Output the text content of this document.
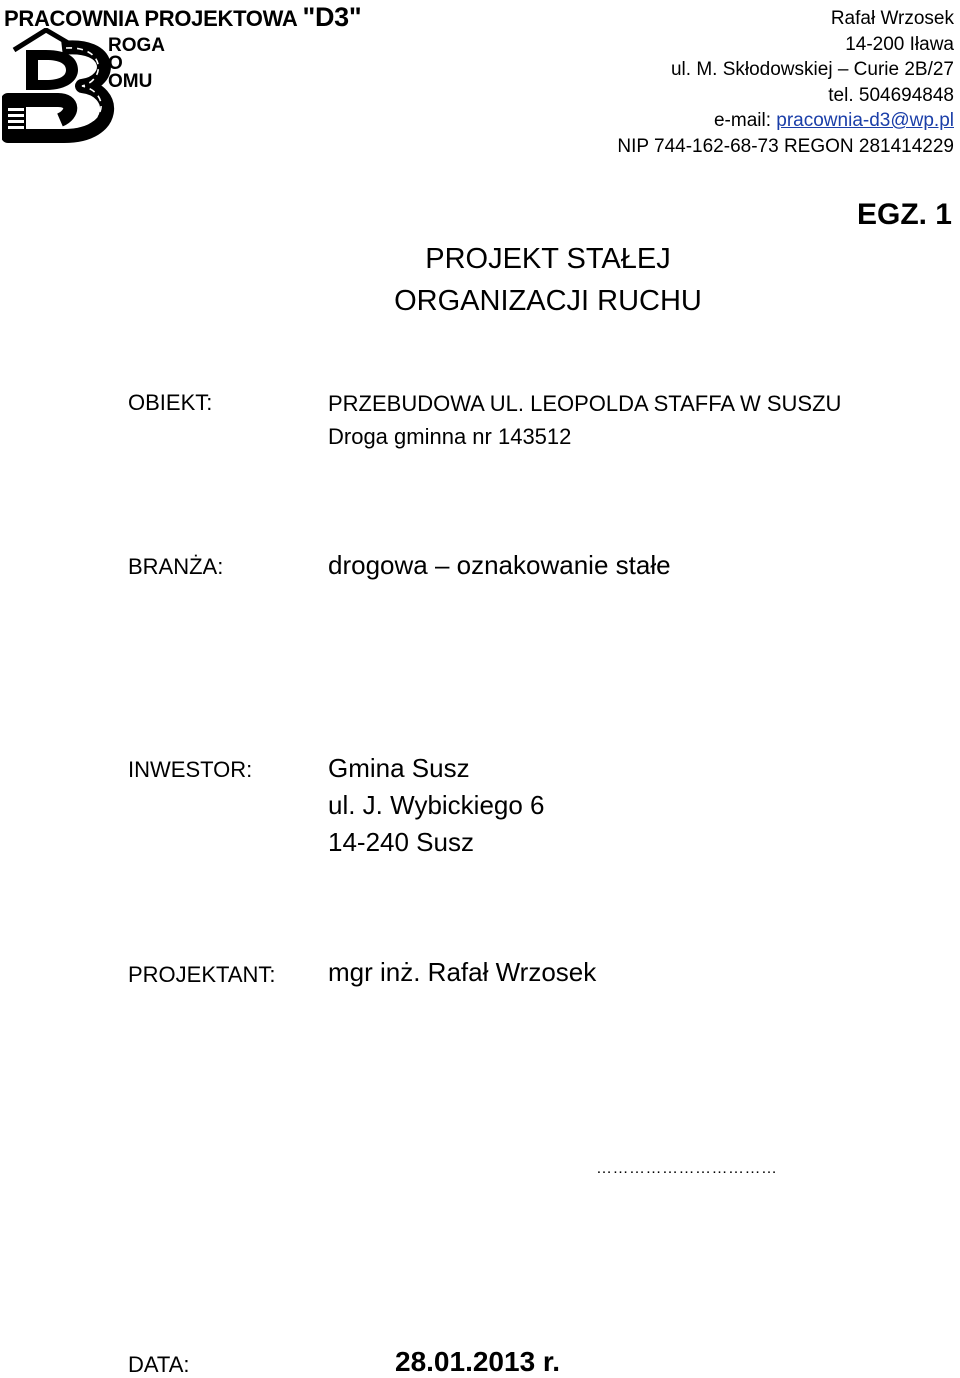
PRACOWNIA PROJEKTOWA "D3"
ROGA
O
OMU
Rafał Wrzosek
14-200 Iława
ul. M. Skłodowskiej – Curie 2B/27
tel. 504694848
e-mail: pracownia-d3@wp.pl
NIP 744-162-68-73 REGON 281414229
EGZ. 1
PROJEKT STAŁEJ
ORGANIZACJI RUCHU
OBIEKT:	PRZEBUDOWA UL. LEOPOLDA STAFFA W SUSZU
Droga gminna nr 143512
BRANŻA:	drogowa – oznakowanie stałe
INWESTOR:	Gmina Susz
ul. J. Wybickiego 6
14-240 Susz
PROJEKTANT: mgr inż. Rafał Wrzosek
……………………………
DATA:	28.01.2013 r.
